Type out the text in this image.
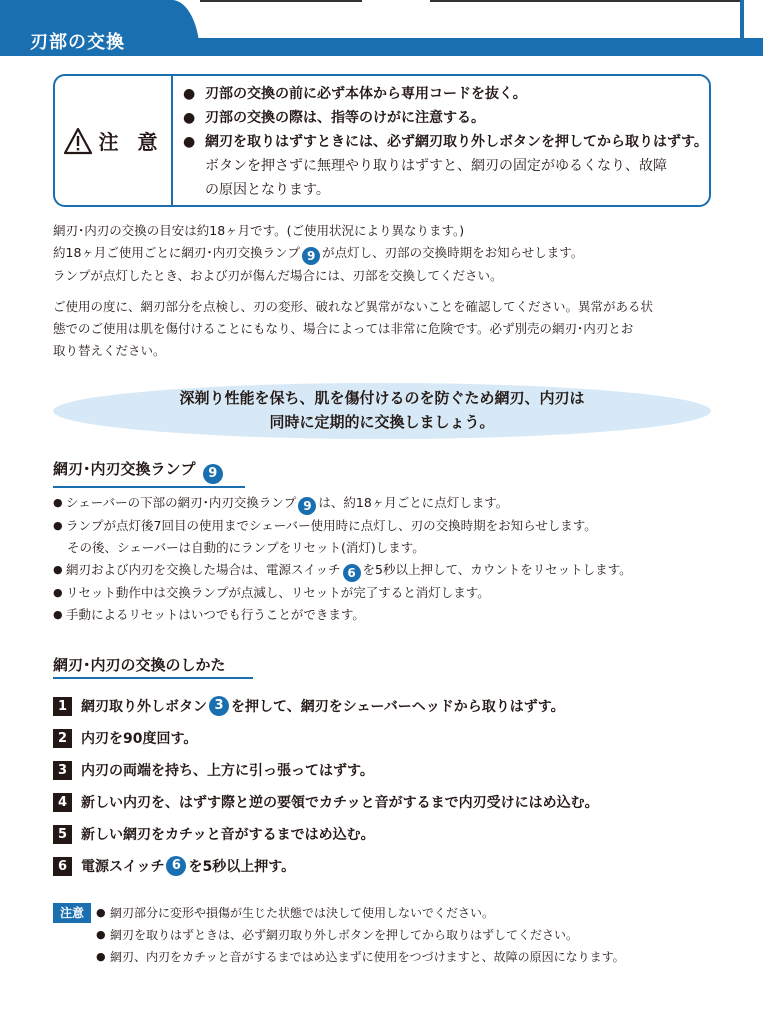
刃部の交換
注 意
● 刃部の交換の前に必ず本体から専用コードを抜く。
● 刃部の交換の際は、指等のけがに注意する。
● 網刃を取りはずすときには、必ず網刃取り外しボタンを押してから取りはずす。
ボタンを押さずに無理やり取りはずすと、網刃の固定がゆるくなり、故障
の原因となります。
網刃･内刃の交換の目安は約18ヶ月です。(ご使用状況により異なります。)
約18ヶ月ご使用ごとに網刃･内刃交換ランプ 9 が点灯し、刃部の交換時期をお知らせします。
ランプが点灯したとき、および刃が傷んだ場合には、刃部を交換してください。
ご使用の度に、網刃部分を点検し、刃の変形、破れなど異常がないことを確認してください。異常がある状
態でのご使用は肌を傷付けることにもなり、場合によっては非常に危険です。必ず別売の網刃･内刃とお
取り替えください。
深剃り性能を保ち、肌を傷付けるのを防ぐため網刃、内刃は
同時に定期的に交換しましょう。
網刃･内刃交換ランプ 9
● シェーバーの下部の網刃･内刃交換ランプ 9 は、約18ヶ月ごとに点灯します。
● ランプが点灯後7回目の使用までシェーバー使用時に点灯し、刃の交換時期をお知らせします。
その後、シェーバーは自動的にランプをリセット(消灯)します。
● 網刃および内刃を交換した場合は、電源スイッチ 6 を5秒以上押して、カウントをリセットします。
● リセット動作中は交換ランプが点滅し、リセットが完了すると消灯します。
● 手動によるリセットはいつでも行うことができます。
網刃･内刃の交換のしかた
1 網刃取り外しボタン 3 を押して、網刃をシェーバーヘッドから取りはずす。
2 内刃を90度回す。
3 内刃の両端を持ち、上方に引っ張ってはずす。
4 新しい内刃を、はずす際と逆の要領でカチッと音がするまで内刃受けにはめ込む。
5 新しい網刃をカチッと音がするまではめ込む。
6 電源スイッチ 6 を5秒以上押す。
注意
●	網刃部分に変形や損傷が生じた状態では決して使用しないでください。
● 網刃を取りはずときは、必ず網刃取り外しボタンを押してから取りはずしてください。
● 網刃、内刃をカチッと音がするまではめ込まずに使用をつづけますと、故障の原因になります。
